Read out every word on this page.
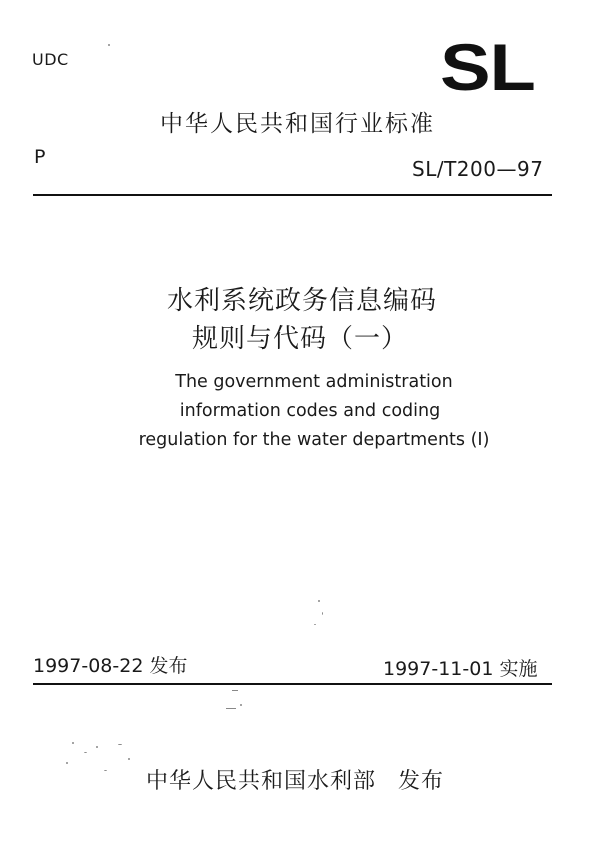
UDC	SL
中华人民共和国行业标准
P	SL/T200—97
水利系统政务信息编码
规则与代码（一）
The government administration
information codes and coding
regulation for the water departments (I)
1997-08-22 发布	1997-11-01 实施
中华人民共和国水利部 发布
